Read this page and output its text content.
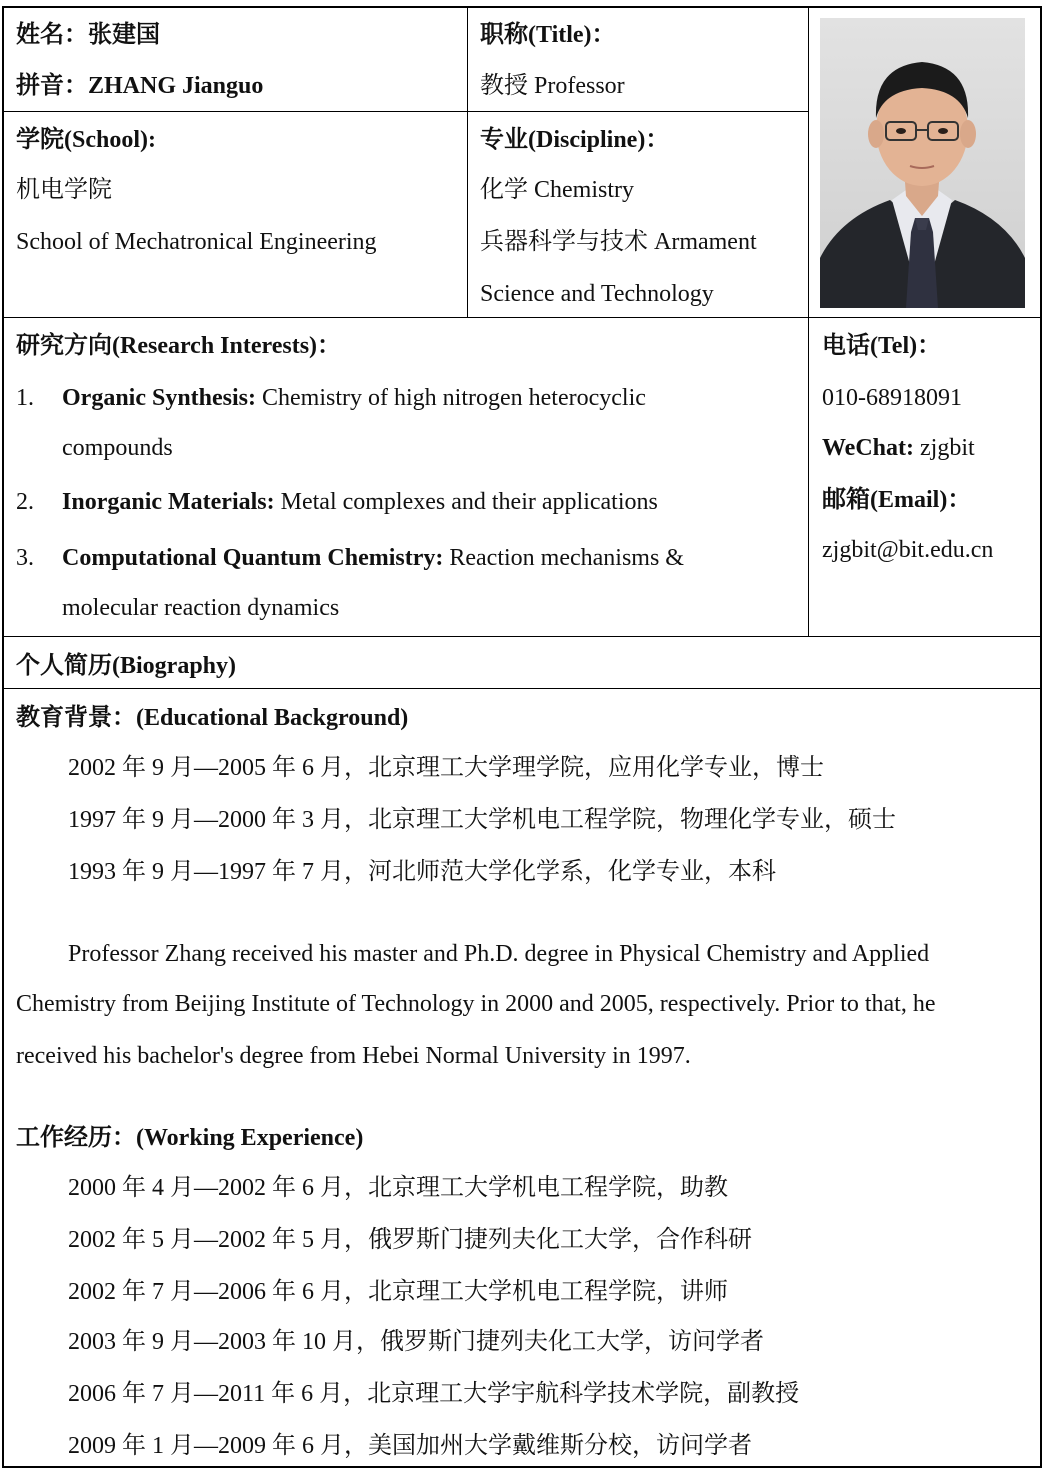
姓名：张建国
拼音：ZHANG Jianguo
职称(Title)：
教授 Professor
学院(School):
机电学院
School of Mechatronical Engineering
专业(Discipline)：
化学 Chemistry
兵器科学与技术 Armament
Science and Technology
研究方向(Research Interests)：
1. Organic Synthesis: Chemistry of high nitrogen heterocyclic
compounds
2. Inorganic Materials: Metal complexes and their applications
3. Computational Quantum Chemistry: Reaction mechanisms &
molecular reaction dynamics
电话(Tel)：
010-68918091
WeChat: zjgbit
邮箱(Email)：
zjgbit@bit.edu.cn
个人简历(Biography)
教育背景：(Educational Background)
2002 年 9 月—2005 年 6 月，北京理工大学理学院，应用化学专业，博士
1997 年 9 月—2000 年 3 月，北京理工大学机电工程学院，物理化学专业，硕士
1993 年 9 月—1997 年 7 月，河北师范大学化学系，化学专业，本科
Professor Zhang received his master and Ph.D. degree in Physical Chemistry and Applied
Chemistry from Beijing Institute of Technology in 2000 and 2005, respectively. Prior to that, he
received his bachelor's degree from Hebei Normal University in 1997.
工作经历：(Working Experience)
2000 年 4 月—2002 年 6 月，北京理工大学机电工程学院，助教
2002 年 5 月—2002 年 5 月，俄罗斯门捷列夫化工大学，合作科研
2002 年 7 月—2006 年 6 月，北京理工大学机电工程学院，讲师
2003 年 9 月—2003 年 10 月，俄罗斯门捷列夫化工大学，访问学者
2006 年 7 月—2011 年 6 月，北京理工大学宇航科学技术学院，副教授
2009 年 1 月—2009 年 6 月，美国加州大学戴维斯分校，访问学者
